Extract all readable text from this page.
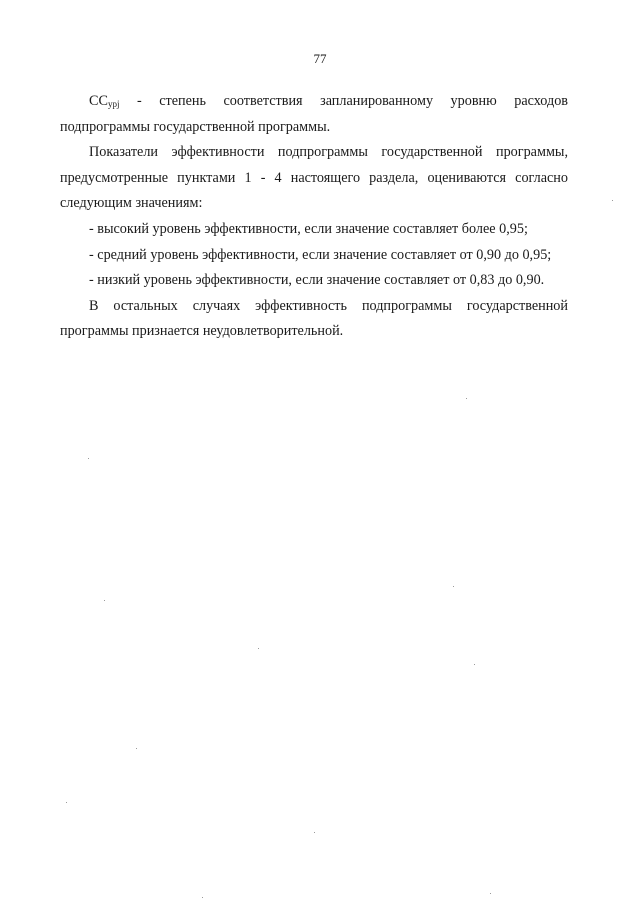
77

$CC_{урj}$ - степень соответствия запланированному уровню расходов подпрограммы государственной программы.

Показатели эффективности подпрограммы государственной программы, предусмотренные пунктами 1 - 4 настоящего раздела, оцениваются согласно следующим значениям:

- высокий уровень эффективности, если значение составляет более 0,95;

- средний уровень эффективности, если значение составляет от 0,90 до 0,95;

- низкий уровень эффективности, если значение составляет от 0,83 до 0,90.

В остальных случаях эффективность подпрограммы государственной программы признается неудовлетворительной.
